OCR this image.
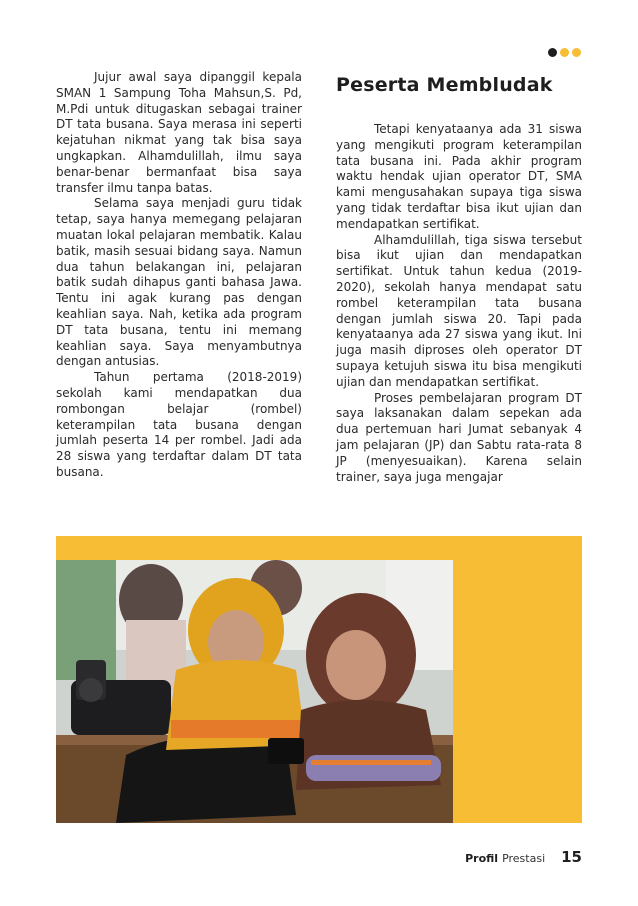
Jujur awal saya dipanggil kepala SMAN 1 Sampung Toha Mahsun,S. Pd, M.Pdi untuk ditugaskan sebagai trainer DT tata busana. Saya merasa ini seperti kejatuhan nikmat yang tak bisa saya ungkapkan. Alhamdulillah, ilmu saya benar-benar bermanfaat bisa saya transfer ilmu tanpa batas.

Selama saya menjadi guru tidak tetap, saya hanya memegang pelajaran muatan lokal pelajaran membatik. Kalau batik, masih sesuai bidang saya. Namun dua tahun belakangan ini, pelajaran batik sudah dihapus ganti bahasa Jawa. Tentu ini agak kurang pas dengan keahlian saya. Nah, ketika ada program DT tata busana, tentu ini memang keahlian saya. Saya menyambutnya dengan antusias.

Tahun pertama (2018-2019) sekolah kami mendapatkan dua rombongan belajar (rombel) keterampilan tata busana dengan jumlah peserta 14 per rombel. Jadi ada 28 siswa yang terdaftar dalam DT tata busana.

Peserta Membludak

Tetapi kenyataanya ada 31 siswa yang mengikuti program keterampilan tata busana ini. Pada akhir program waktu hendak ujian operator DT, SMA kami mengusahakan supaya tiga siswa yang tidak terdaftar bisa ikut ujian dan mendapatkan sertifikat.

Alhamdulillah, tiga siswa tersebut bisa ikut ujian dan mendapatkan sertifikat. Untuk tahun kedua (2019-2020), sekolah hanya mendapat satu rombel keterampilan tata busana dengan jumlah siswa 20. Tapi pada kenyataanya ada 27 siswa yang ikut. Ini juga masih diproses oleh operator DT supaya ketujuh siswa itu bisa mengikuti ujian dan mendapatkan sertifikat.

Proses pembelajaran program DT saya laksanakan dalam sepekan ada dua pertemuan hari Jumat sebanyak 4 jam pelajaran (JP) dan Sabtu rata-rata 8 JP (menyesuaikan). Karena selain trainer, saya juga mengajar

Profil Prestasi 15
